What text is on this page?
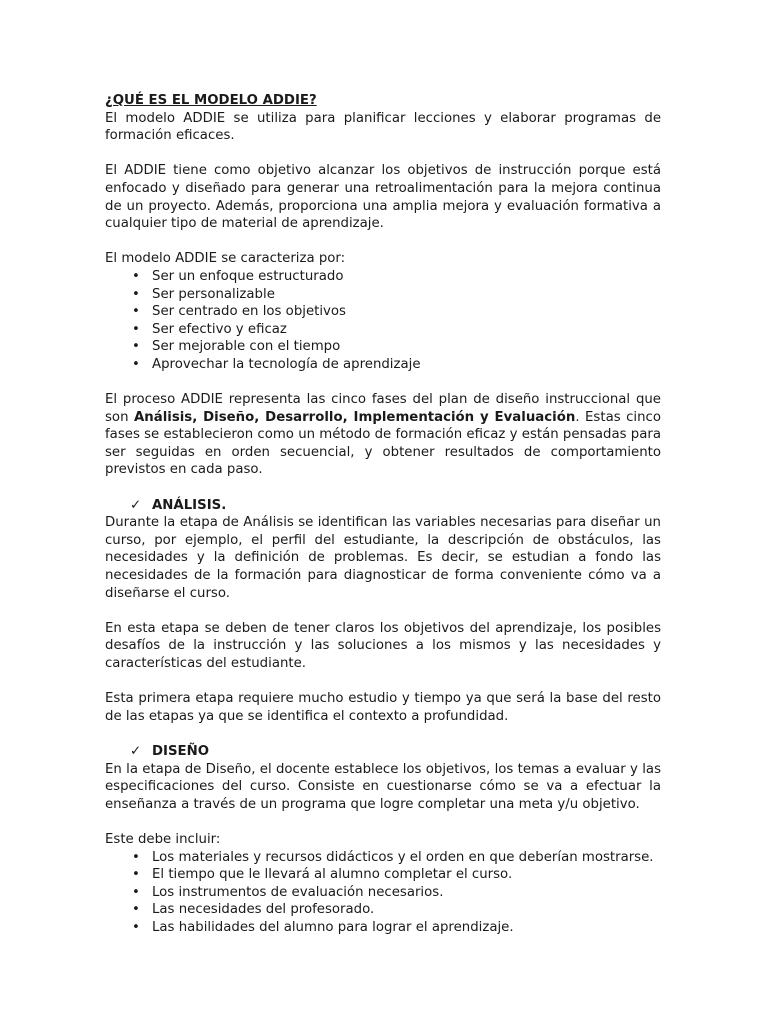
¿QUÉ ES EL MODELO ADDIE?

El modelo ADDIE se utiliza para planificar lecciones y elaborar programas de formación eficaces.

El ADDIE tiene como objetivo alcanzar los objetivos de instrucción porque está enfocado y diseñado para generar una retroalimentación para la mejora continua de un proyecto. Además, proporciona una amplia mejora y evaluación formativa a cualquier tipo de material de aprendizaje.

El modelo ADDIE se caracteriza por:

• Ser un enfoque estructurado
• Ser personalizable
• Ser centrado en los objetivos
• Ser efectivo y eficaz
• Ser mejorable con el tiempo
• Aprovechar la tecnología de aprendizaje

El proceso ADDIE representa las cinco fases del plan de diseño instruccional que son Análisis, Diseño, Desarrollo, Implementación y Evaluación. Estas cinco fases se establecieron como un método de formación eficaz y están pensadas para ser seguidas en orden secuencial, y obtener resultados de comportamiento previstos en cada paso.

✓ ANÁLISIS.

Durante la etapa de Análisis se identifican las variables necesarias para diseñar un curso, por ejemplo, el perfil del estudiante, la descripción de obstáculos, las necesidades y la definición de problemas. Es decir, se estudian a fondo las necesidades de la formación para diagnosticar de forma conveniente cómo va a diseñarse el curso.

En esta etapa se deben de tener claros los objetivos del aprendizaje, los posibles desafíos de la instrucción y las soluciones a los mismos y las necesidades y características del estudiante.

Esta primera etapa requiere mucho estudio y tiempo ya que será la base del resto de las etapas ya que se identifica el contexto a profundidad.

✓ DISEÑO

En la etapa de Diseño, el docente establece los objetivos, los temas a evaluar y las especificaciones del curso. Consiste en cuestionarse cómo se va a efectuar la enseñanza a través de un programa que logre completar una meta y/u objetivo.

Este debe incluir:

• Los materiales y recursos didácticos y el orden en que deberían mostrarse.
• El tiempo que le llevará al alumno completar el curso.
• Los instrumentos de evaluación necesarios.
• Las necesidades del profesorado.
• Las habilidades del alumno para lograr el aprendizaje.
